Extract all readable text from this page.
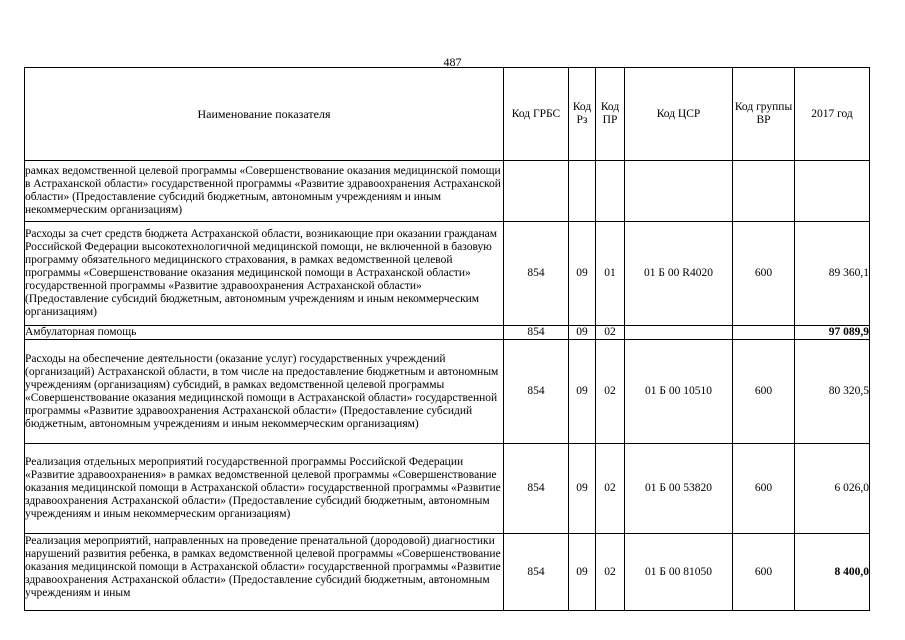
487
Наименование показателя	Код ГРБС	Код Рз	Код ПР	Код ЦСР	Код группы ВР	2017 год
рамках ведомственной целевой программы «Совершенствование оказания медицинской помощи в Астраханской области» государственной программы «Развитие здравоохранения Астраханской области» (Предоставление субсидий бюджетным, автономным учреждениям и иным некоммерческим организациям)						
Расходы за счет средств бюджета Астраханской области, возникающие при оказании гражданам Российской Федерации высокотехнологичной медицинской помощи, не включенной в базовую программу обязательного медицинского страхования, в рамках ведомственной целевой программы «Совершенствование оказания медицинской помощи в Астраханской области» государственной программы «Развитие здравоохранения Астраханской области» (Предоставление субсидий бюджетным, автономным учреждениям и иным некоммерческим организациям)	854	09	01	01 Б 00 R4020	600	89 360,1
Амбулаторная помощь	854	09	02			97 089,9
Расходы на обеспечение деятельности (оказание услуг) государственных учреждений (организаций) Астраханской области, в том числе на предоставление бюджетным и автономным учреждениям (организациям) субсидий, в рамках ведомственной целевой программы «Совершенствование оказания медицинской помощи в Астраханской области» государственной программы «Развитие здравоохранения Астраханской области» (Предоставление субсидий бюджетным, автономным учреждениям и иным некоммерческим организациям)	854	09	02	01 Б 00 10510	600	80 320,5
Реализация отдельных мероприятий государственной программы Российской Федерации «Развитие здравоохранения» в рамках ведомственной целевой программы «Совершенствование оказания медицинской помощи в Астраханской области» государственной программы «Развитие здравоохранения Астраханской области» (Предоставление субсидий бюджетным, автономным учреждениям и иным некоммерческим организациям)	854	09	02	01 Б 00 53820	600	6 026,0

Реализация мероприятий, направленных на проведение пренатальной (дородовой) диагностики нарушений развития ребенка, в рамках ведомственной целевой программы «Совершенствование оказания медицинской помощи в Астраханской области» государственной программы «Развитие здравоохранения Астраханской области» (Предоставление субсидий бюджетным, автономным учреждениям и иным	854	09	02	01 Б 00 81050	600	8 400,0
